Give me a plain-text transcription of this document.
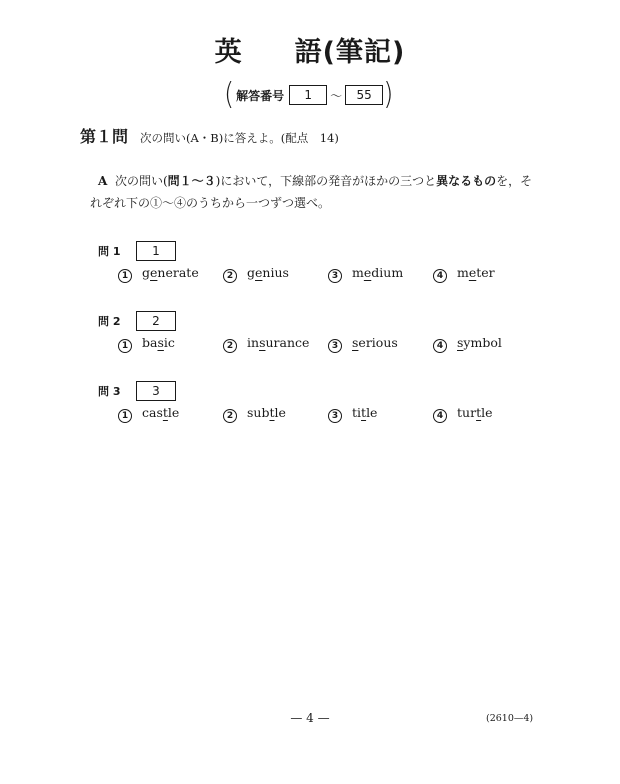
英 語(筆記)
( 解答番号	1	～	55 )
第１問 次の問い(A・B)に答えよ。(配点　14)
A 次の問い(問１～３)において，下線部の発音がほかの三つと異なるものを，そ
れぞれ下の①～④のうちから一つずつ選べ。
問 1	1
1	generate	2	genius	3	medium	4	meter
問 2	2
1	basic	2	insurance	3	serious	4	symbol
問 3	3
1	castle	2	subtle	3	title	4	turtle
— 4 —	(2610—4)
